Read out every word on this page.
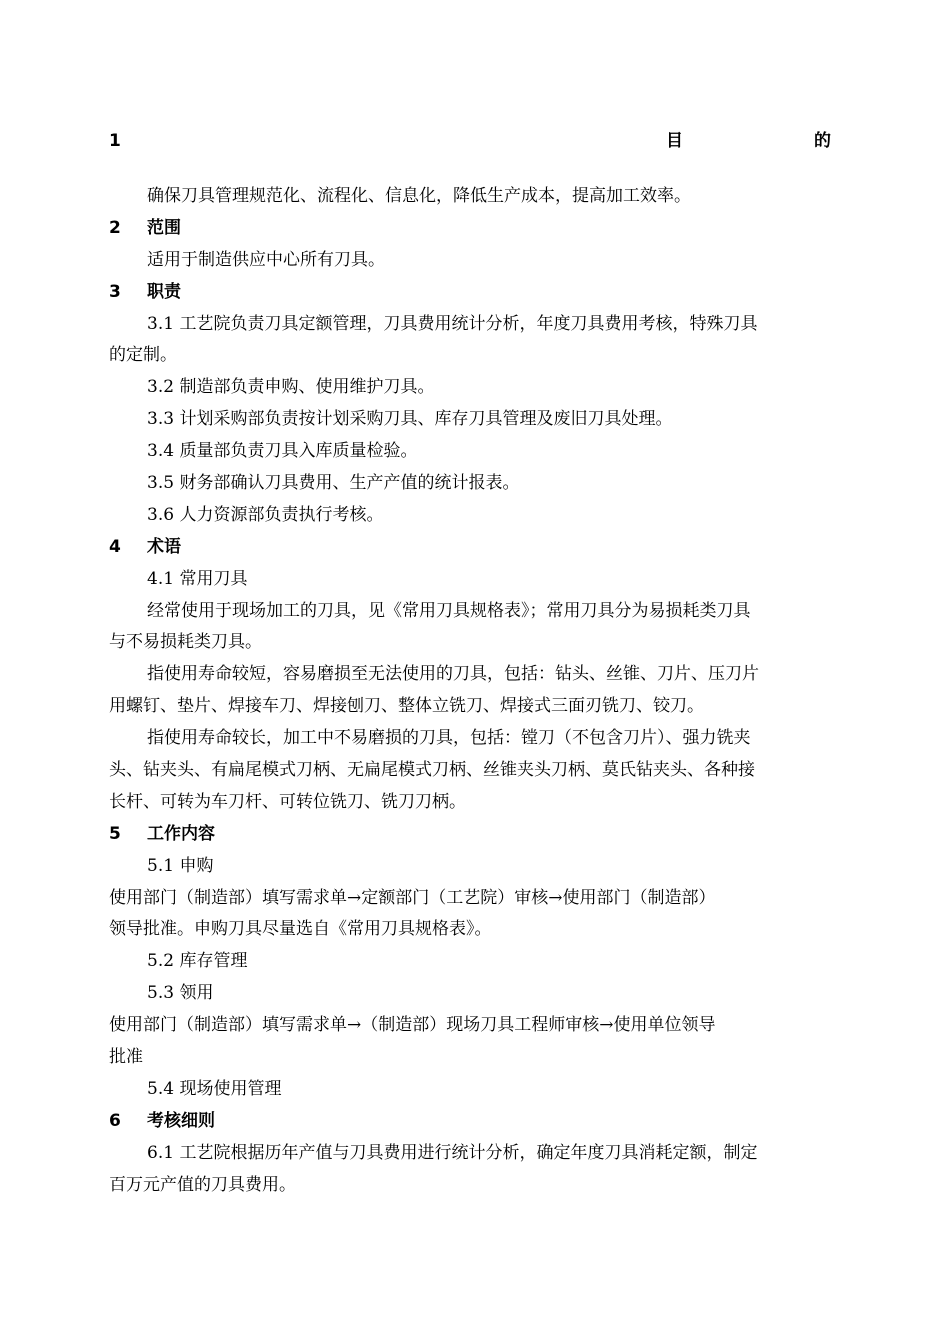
1	目	的
确保刀具管理规范化、流程化、信息化，降低生产成本，提高加工效率。
2	范围
适用于制造供应中心所有刀具。
3	职责
3.1 工艺院负责刀具定额管理，刀具费用统计分析，年度刀具费用考核，特殊刀具
的定制。
3.2 制造部负责申购、使用维护刀具。
3.3 计划采购部负责按计划采购刀具、库存刀具管理及废旧刀具处理。
3.4 质量部负责刀具入库质量检验。
3.5 财务部确认刀具费用、生产产值的统计报表。
3.6 人力资源部负责执行考核。
4	术语
4.1 常用刀具
经常使用于现场加工的刀具，见《常用刀具规格表》；常用刀具分为易损耗类刀具
与不易损耗类刀具。
指使用寿命较短，容易磨损至无法使用的刀具，包括：钻头、丝锥、刀片、压刀片
用螺钉、垫片、焊接车刀、焊接刨刀、整体立铣刀、焊接式三面刃铣刀、铰刀。
指使用寿命较长，加工中不易磨损的刀具，包括：镗刀（不包含刀片）、强力铣夹
头、钻夹头、有扁尾模式刀柄、无扁尾模式刀柄、丝锥夹头刀柄、莫氏钻夹头、各种接
长杆、可转为车刀杆、可转位铣刀、铣刀刀柄。
5	工作内容
5.1 申购
使用部门（制造部）填写需求单→定额部门（工艺院）审核→使用部门（制造部）
领导批准。申购刀具尽量选自《常用刀具规格表》。
5.2 库存管理
5.3 领用
使用部门（制造部）填写需求单→（制造部）现场刀具工程师审核→使用单位领导
批准
5.4 现场使用管理
6	考核细则
6.1 工艺院根据历年产值与刀具费用进行统计分析，确定年度刀具消耗定额，制定
百万元产值的刀具费用。
